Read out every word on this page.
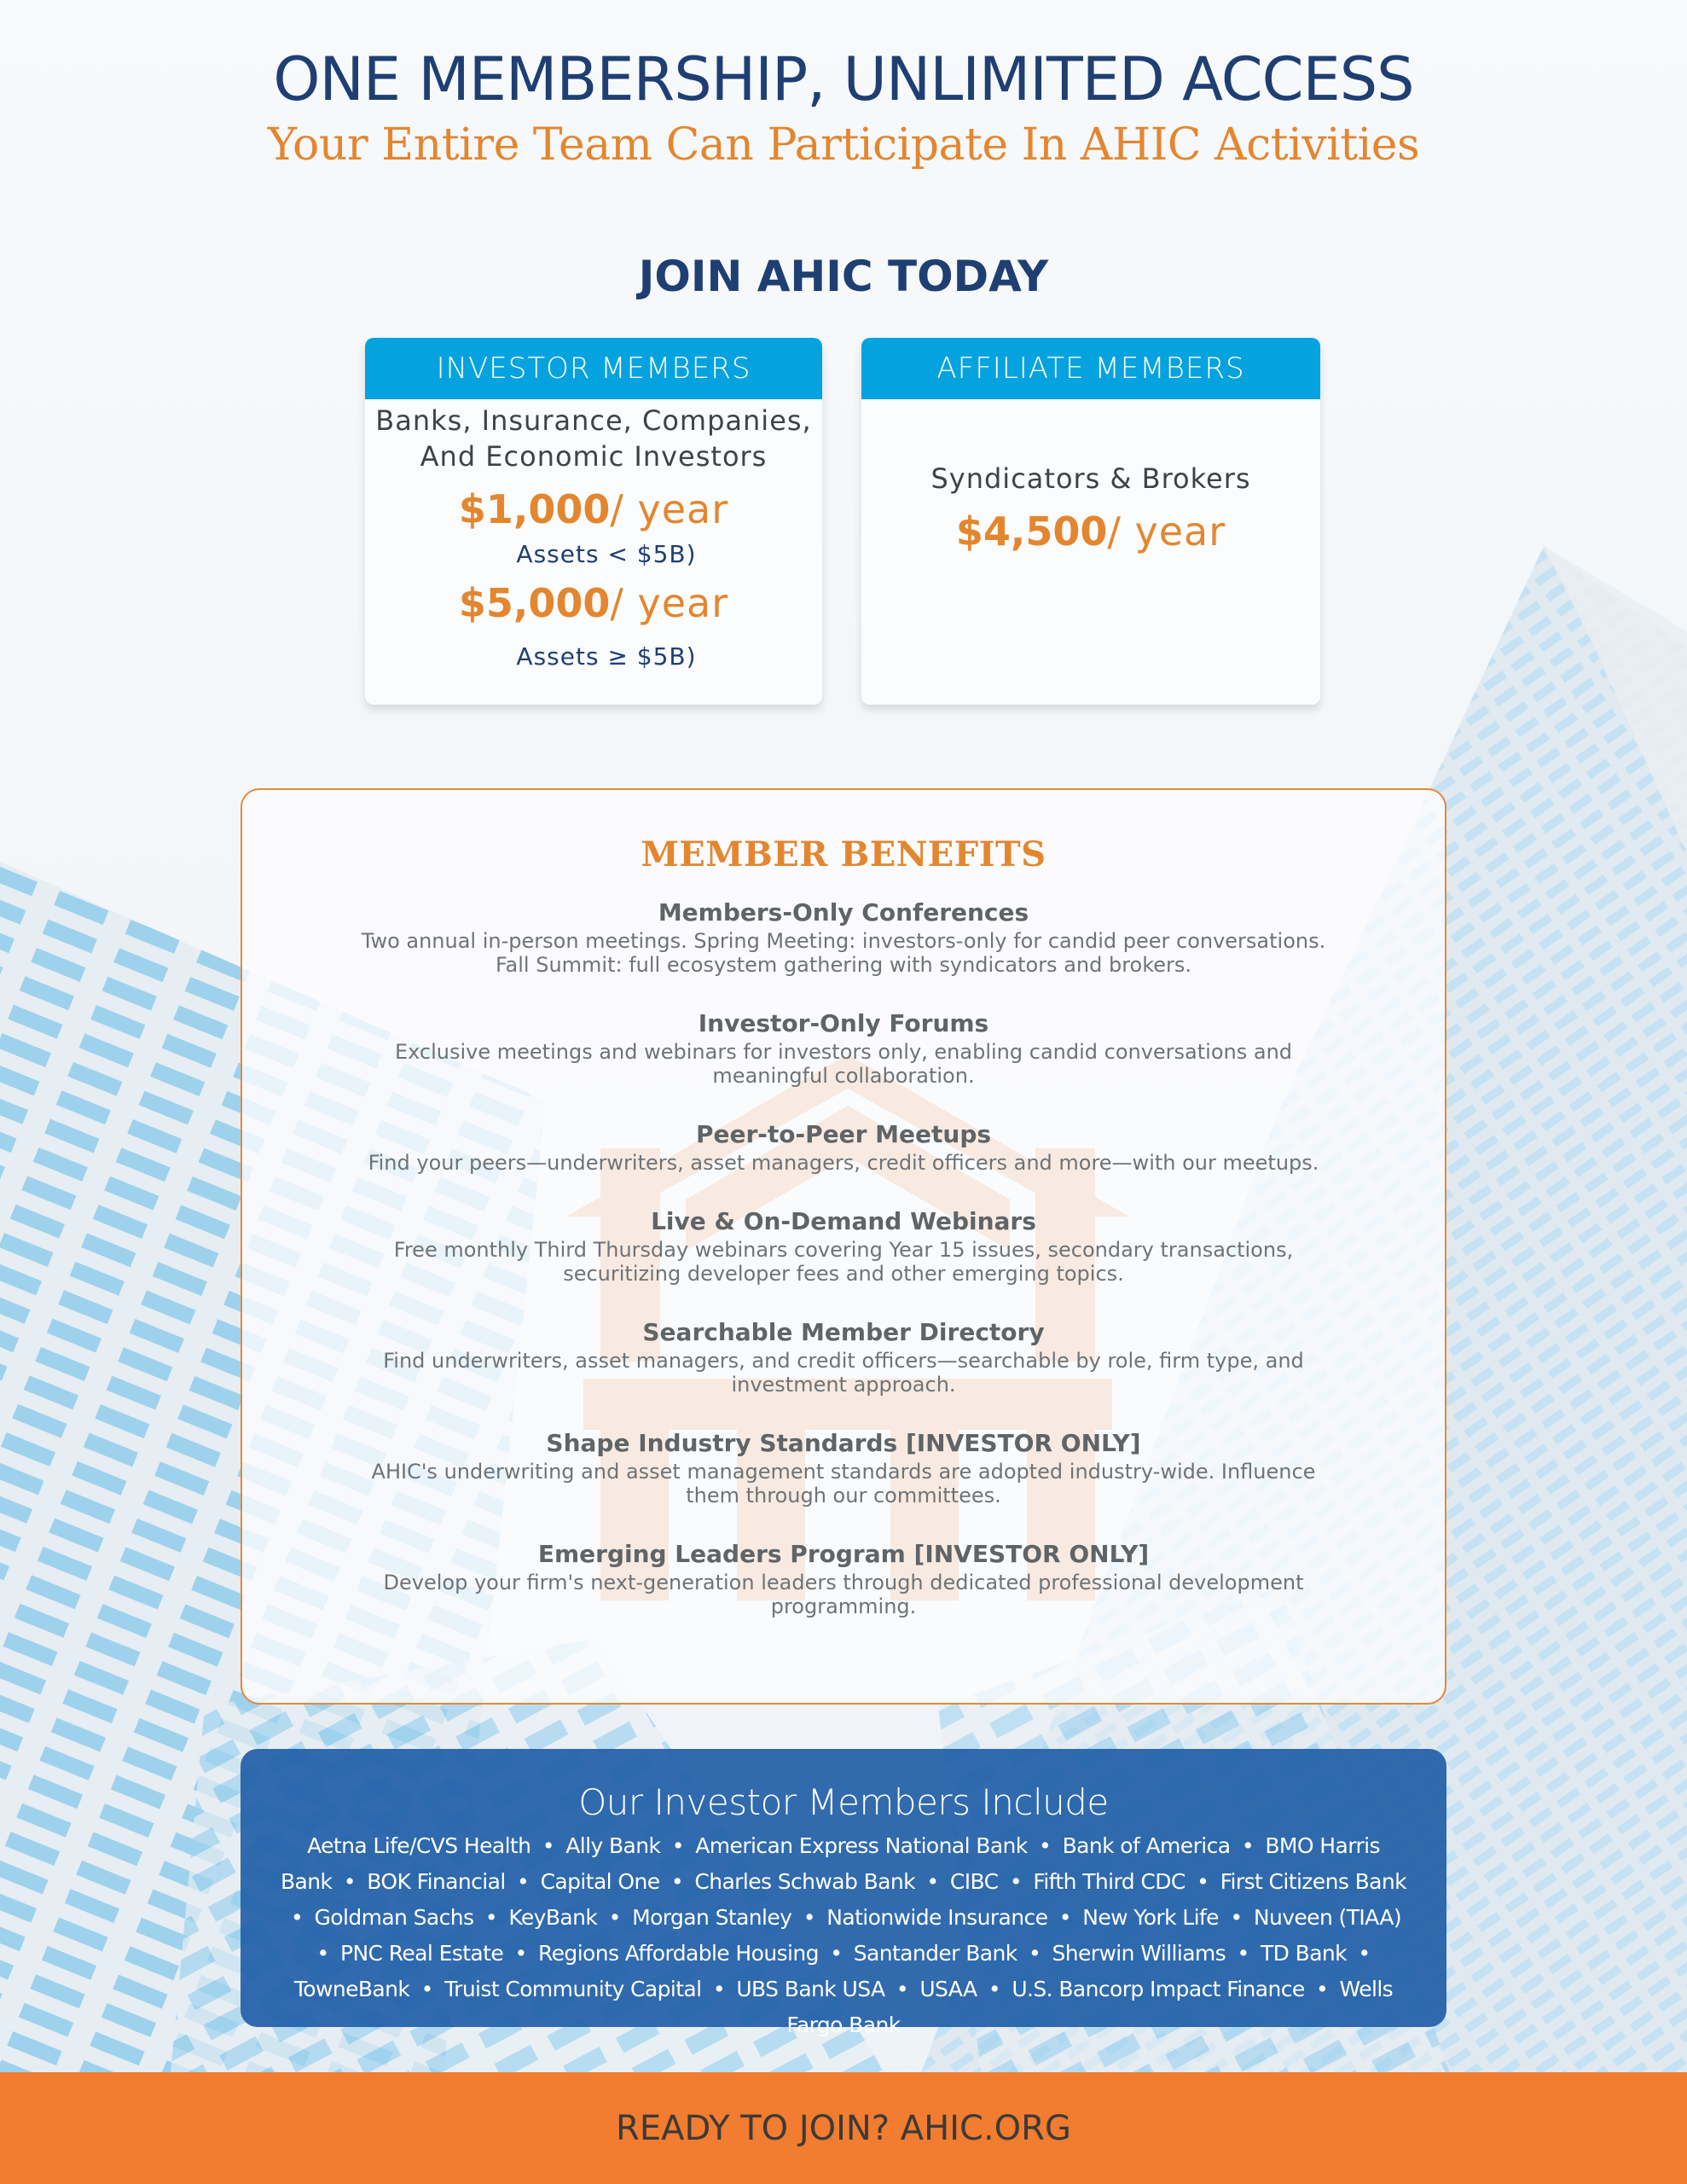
ONE MEMBERSHIP, UNLIMITED ACCESS
Your Entire Team Can Participate In AHIC Activities
JOIN AHIC TODAY
INVESTOR MEMBERS
Banks, Insurance, Companies,
And Economic Investors
$1,000/ year
Assets < $5B)
$5,000/ year
Assets ≥ $5B)
AFFILIATE MEMBERS
Syndicators & Brokers
$4,500/ year
MEMBER BENEFITS
Members-Only Conferences
Two annual in-person meetings. Spring Meeting: investors-only for candid peer conversations. Fall Summit: full ecosystem gathering with syndicators and brokers.
Investor-Only Forums
Exclusive meetings and webinars for investors only, enabling candid conversations and meaningful collaboration.
Peer-to-Peer Meetups
Find your peers—underwriters, asset managers, credit officers and more—with our meetups.
Live & On-Demand Webinars
Free monthly Third Thursday webinars covering Year 15 issues, secondary transactions, securitizing developer fees and other emerging topics.
Searchable Member Directory
Find underwriters, asset managers, and credit officers—searchable by role, firm type, and investment approach.
Shape Industry Standards [INVESTOR ONLY]
AHIC's underwriting and asset management standards are adopted industry-wide. Influence them through our committees.
Emerging Leaders Program [INVESTOR ONLY]
Develop your firm's next-generation leaders through dedicated professional development programming.
Our Investor Members Include
Aetna Life/CVS Health • Ally Bank • American Express National Bank • Bank of America • BMO Harris Bank • BOK Financial • Capital One • Charles Schwab Bank • CIBC • Fifth Third CDC • First Citizens Bank • Goldman Sachs • KeyBank • Morgan Stanley • Nationwide Insurance • New York Life • Nuveen (TIAA) • PNC Real Estate • Regions Affordable Housing • Santander Bank • Sherwin Williams • TD Bank • TowneBank • Truist Community Capital • UBS Bank USA • USAA • U.S. Bancorp Impact Finance • Wells Fargo Bank
READY TO JOIN? AHIC.ORG
